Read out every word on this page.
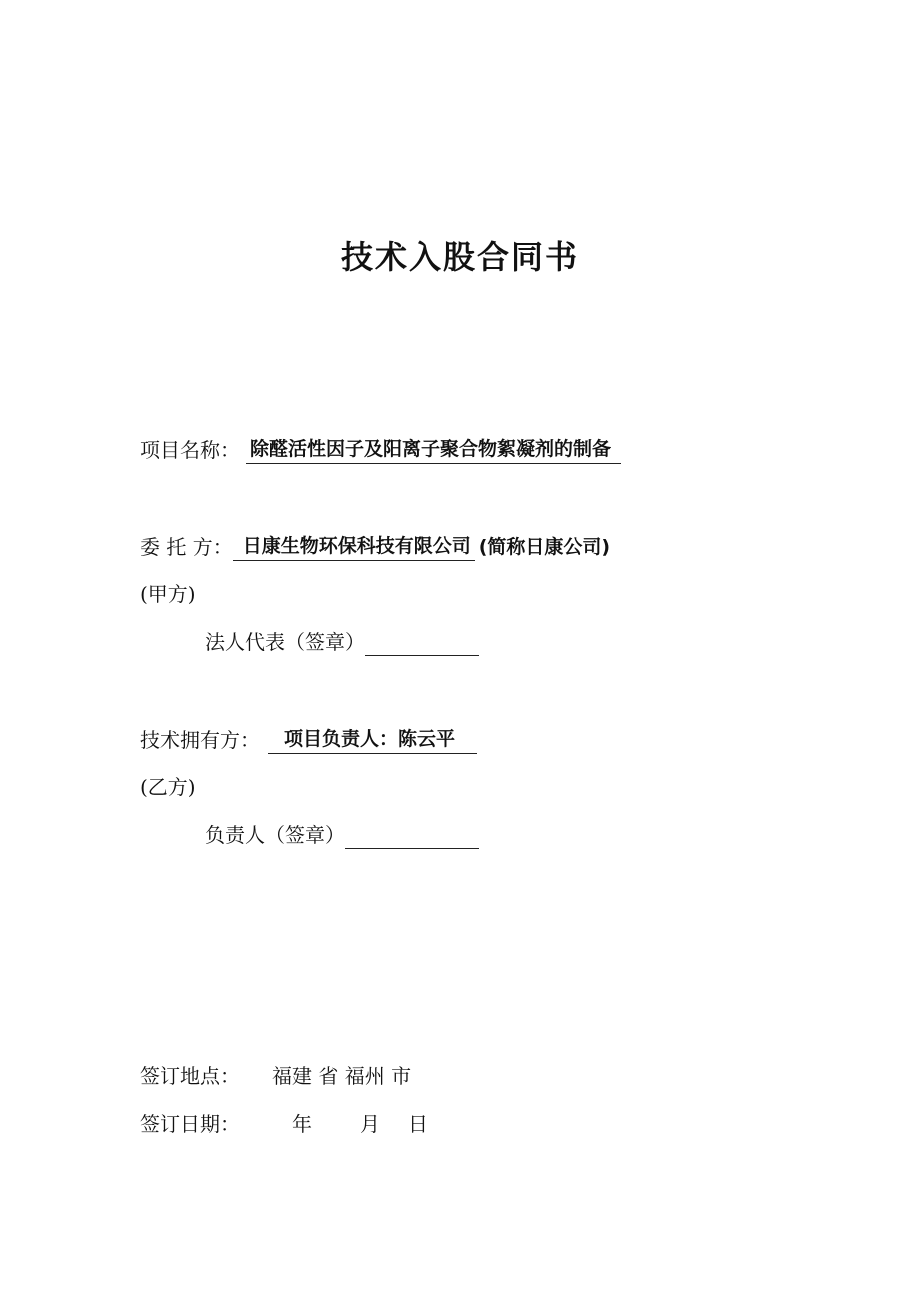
技术入股合同书
项目名称： 除醛活性因子及阳离子聚合物絮凝剂的制备
委 托 方： 日康生物环保科技有限公司 (简称日康公司)
(甲方)
法人代表（签章）
技术拥有方： 项目负责人：陈云平
(乙方)
负责人（签章）
签订地点： 福建 省 福州 市
签订日期：	年 月 日
